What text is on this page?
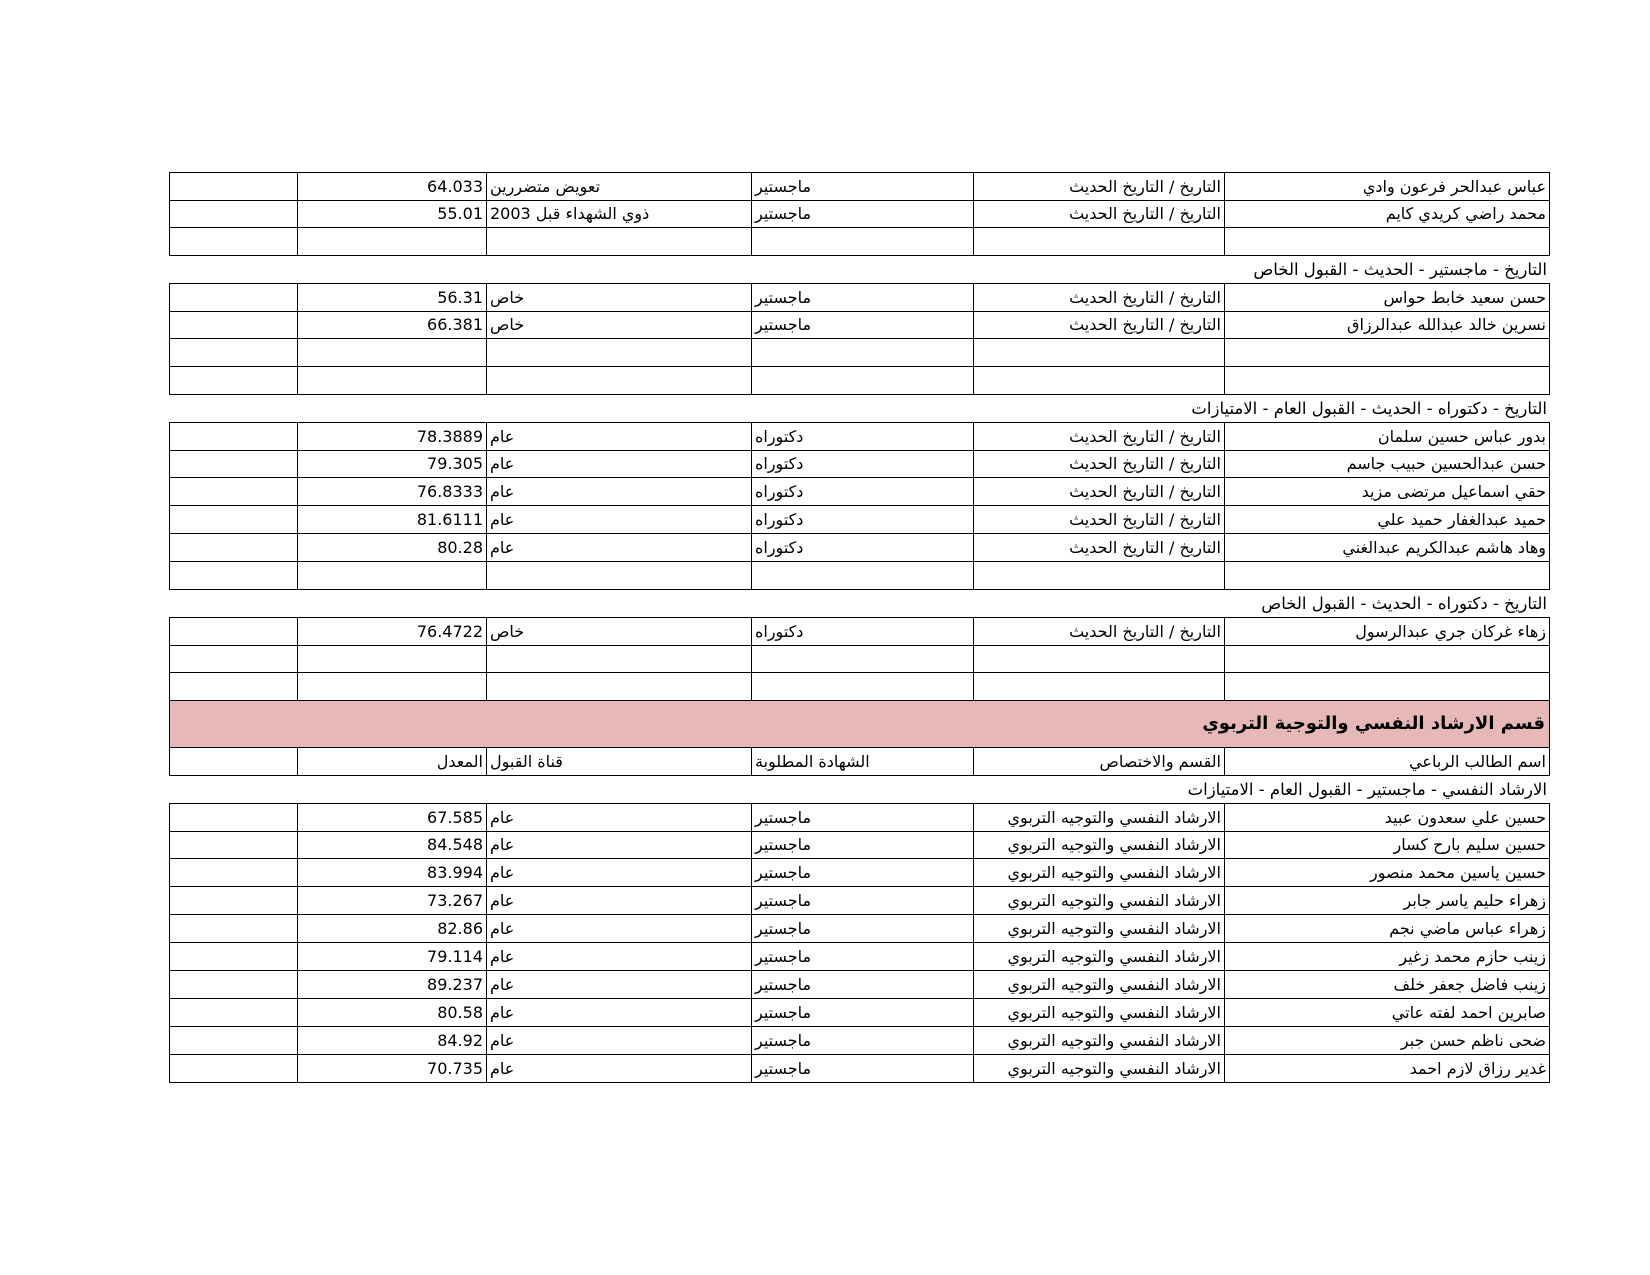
عباس عبدالحر فرعون وادي
التاريخ / التاريخ الحديث
ماجستير
تعويض متضررين
64.033
محمد راضي كريدي كايم
التاريخ / التاريخ الحديث
ماجستير
ذوي الشهداء قبل 2003
55.01
التاريخ - ماجستير - الحديث - القبول الخاص
حسن سعيد خابط حواس
التاريخ / التاريخ الحديث
ماجستير
خاص
56.31
نسرين خالد عبدالله عبدالرزاق
التاريخ / التاريخ الحديث
ماجستير
خاص
66.381
التاريخ - دكتوراه - الحديث - القبول العام - الامتيازات
بدور عباس حسين سلمان
التاريخ / التاريخ الحديث
دكتوراه
عام
78.3889
حسن عبدالحسين حبيب جاسم
التاريخ / التاريخ الحديث
دكتوراه
عام
79.305
حقي اسماعيل مرتضى مزيد
التاريخ / التاريخ الحديث
دكتوراه
عام
76.8333
حميد عبدالغفار حميد علي
التاريخ / التاريخ الحديث
دكتوراه
عام
81.6111
وهاد هاشم عبدالكريم عبدالغني
التاريخ / التاريخ الحديث
دكتوراه
عام
80.28
التاريخ - دكتوراه - الحديث - القبول الخاص
زهاء غركان جري عبدالرسول
التاريخ / التاريخ الحديث
دكتوراه
خاص
76.4722
قسم الارشاد النفسي والتوجية التربوي
اسم الطالب الرباعي
القسم والاختصاص
الشهادة المطلوبة
قناة القبول
المعدل
الارشاد النفسي - ماجستير - القبول العام - الامتيازات
حسين علي سعدون عبيد
الارشاد النفسي والتوجيه التربوي
ماجستير
عام
67.585
حسين سليم بارح كسار
الارشاد النفسي والتوجيه التربوي
ماجستير
عام
84.548
حسين ياسين محمد منصور
الارشاد النفسي والتوجيه التربوي
ماجستير
عام
83.994
زهراء حليم ياسر جابر
الارشاد النفسي والتوجيه التربوي
ماجستير
عام
73.267
زهراء عباس ماضي نجم
الارشاد النفسي والتوجيه التربوي
ماجستير
عام
82.86
زينب حازم محمد زغير
الارشاد النفسي والتوجيه التربوي
ماجستير
عام
79.114
زينب فاضل جعفر خلف
الارشاد النفسي والتوجيه التربوي
ماجستير
عام
89.237
صابرين احمد لفته عاتي
الارشاد النفسي والتوجيه التربوي
ماجستير
عام
80.58
ضحى ناظم حسن جبر
الارشاد النفسي والتوجيه التربوي
ماجستير
عام
84.92
غدير رزاق لازم احمد
الارشاد النفسي والتوجيه التربوي
ماجستير
عام
70.735
